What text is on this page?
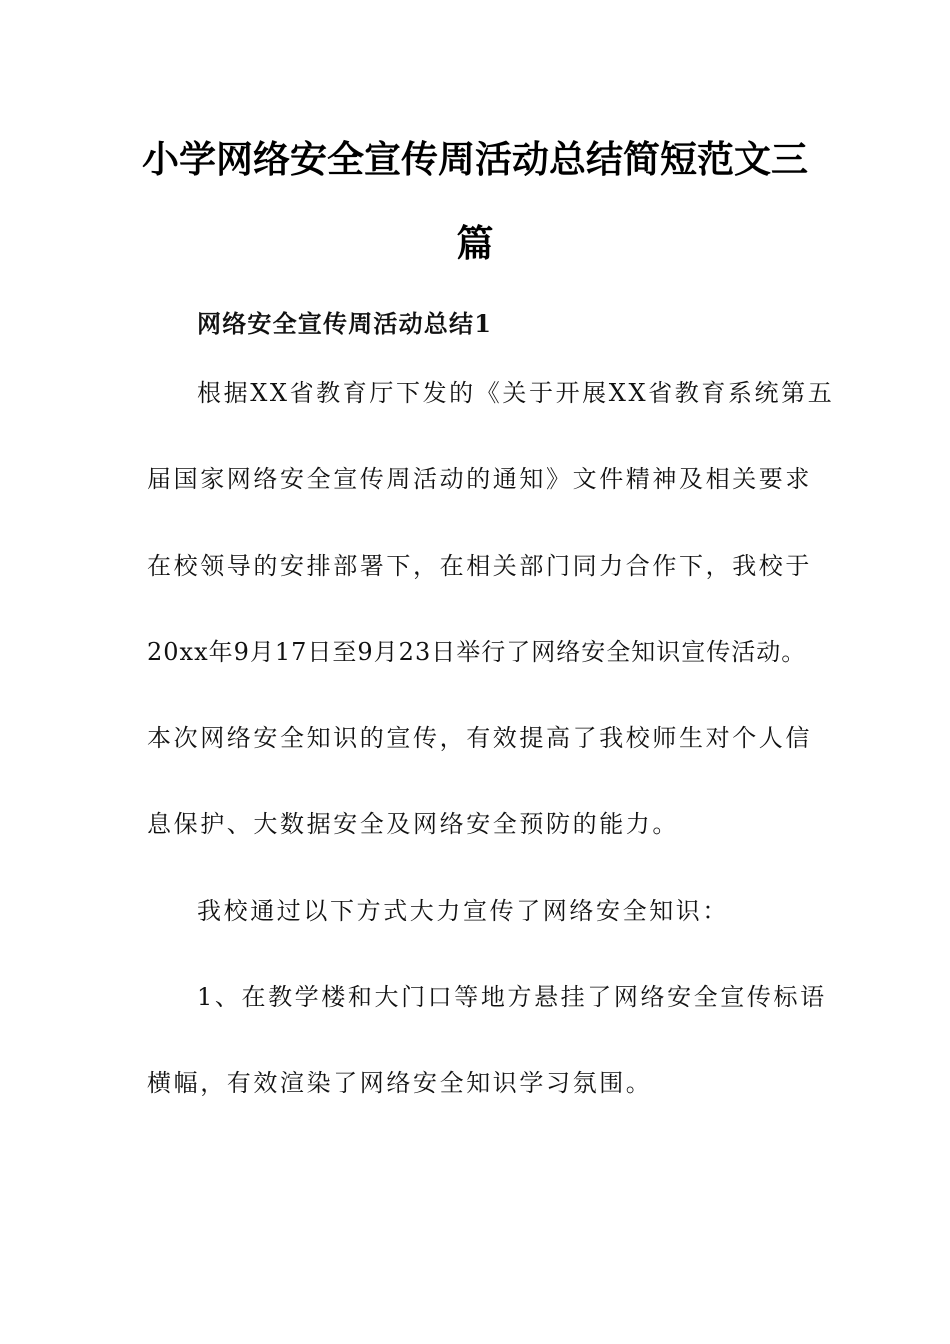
小学网络安全宣传周活动总结简短范文三
篇
网络安全宣传周活动总结1
根据XX省教育厅下发的《关于开展XX省教育系统第五
届国家网络安全宣传周活动的通知》文件精神及相关要求
在校领导的安排部署下，在相关部门同力合作下，我校于
20xx年9月17日至9月23日举行了网络安全知识宣传活动。
本次网络安全知识的宣传，有效提高了我校师生对个人信
息保护、大数据安全及网络安全预防的能力。
我校通过以下方式大力宣传了网络安全知识：
1、在教学楼和大门口等地方悬挂了网络安全宣传标语
横幅，有效渲染了网络安全知识学习氛围。
